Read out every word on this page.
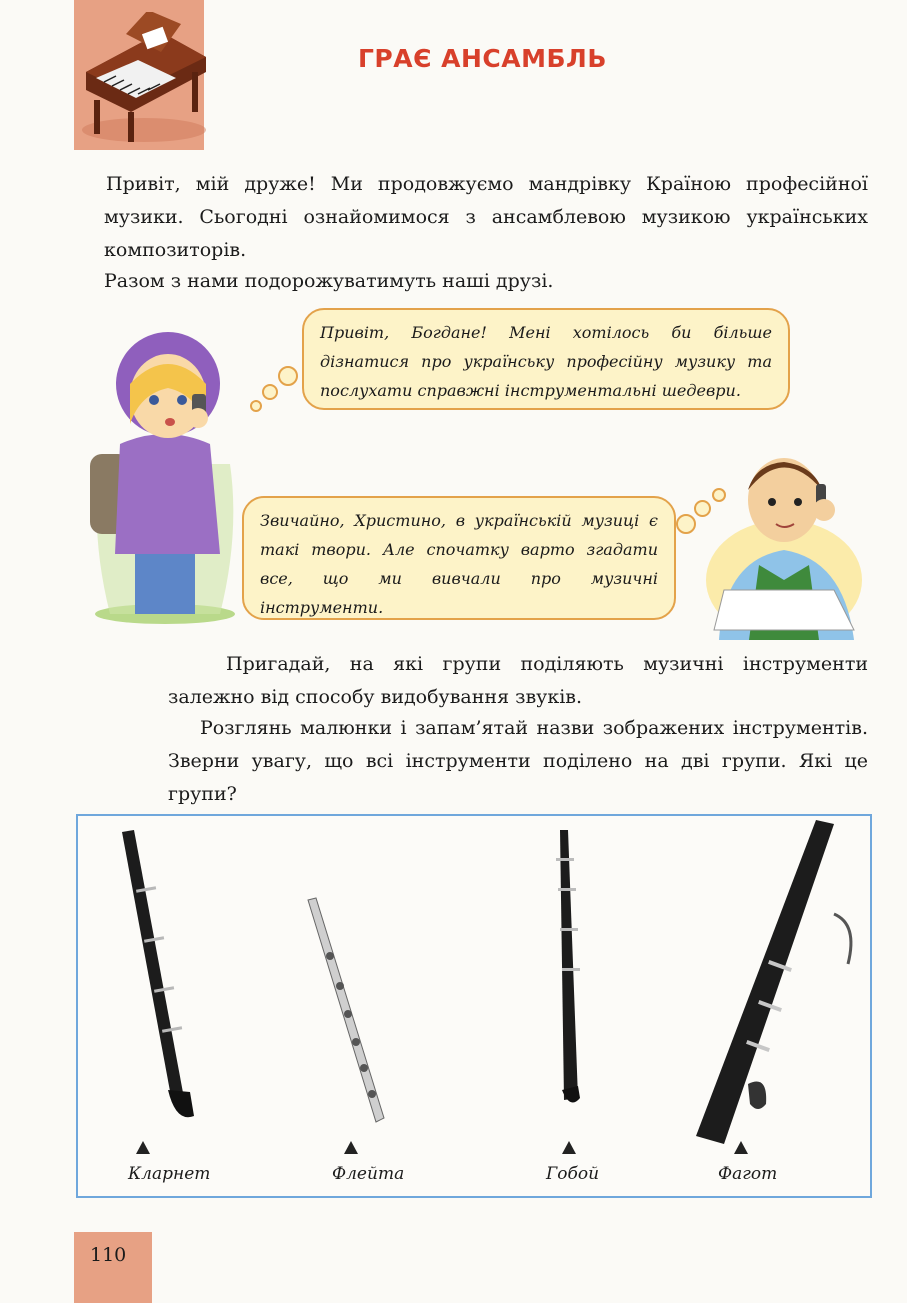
ГРАЄ АНСАМБЛЬ

Привіт, мій друже! Ми продовжуємо мандрівку Країною професійної музики. Сьогодні ознайомимося з ансамблевою музикою українських композиторів.

Разом з нами подорожуватимуть наші друзі.

Привіт, Богдане! Мені хотілось би більше дізнатися про українську професійну музику та послухати справжні інструментальні шедеври.
Звичайно, Христино, в українській музиці є такі твори. Але спочатку варто згадати все, що ми вивчали про музичні інструменти.

Пригадай, на які групи поділяють музичні інструменти залежно від способу видобування звуків.

Розглянь малюнки і запам’ятай назви зображених інструментів. Зверни увагу, що всі інструменти поділено на дві групи. Які це групи?

Кларнет	Флейта	Гобой	Фагот
110
